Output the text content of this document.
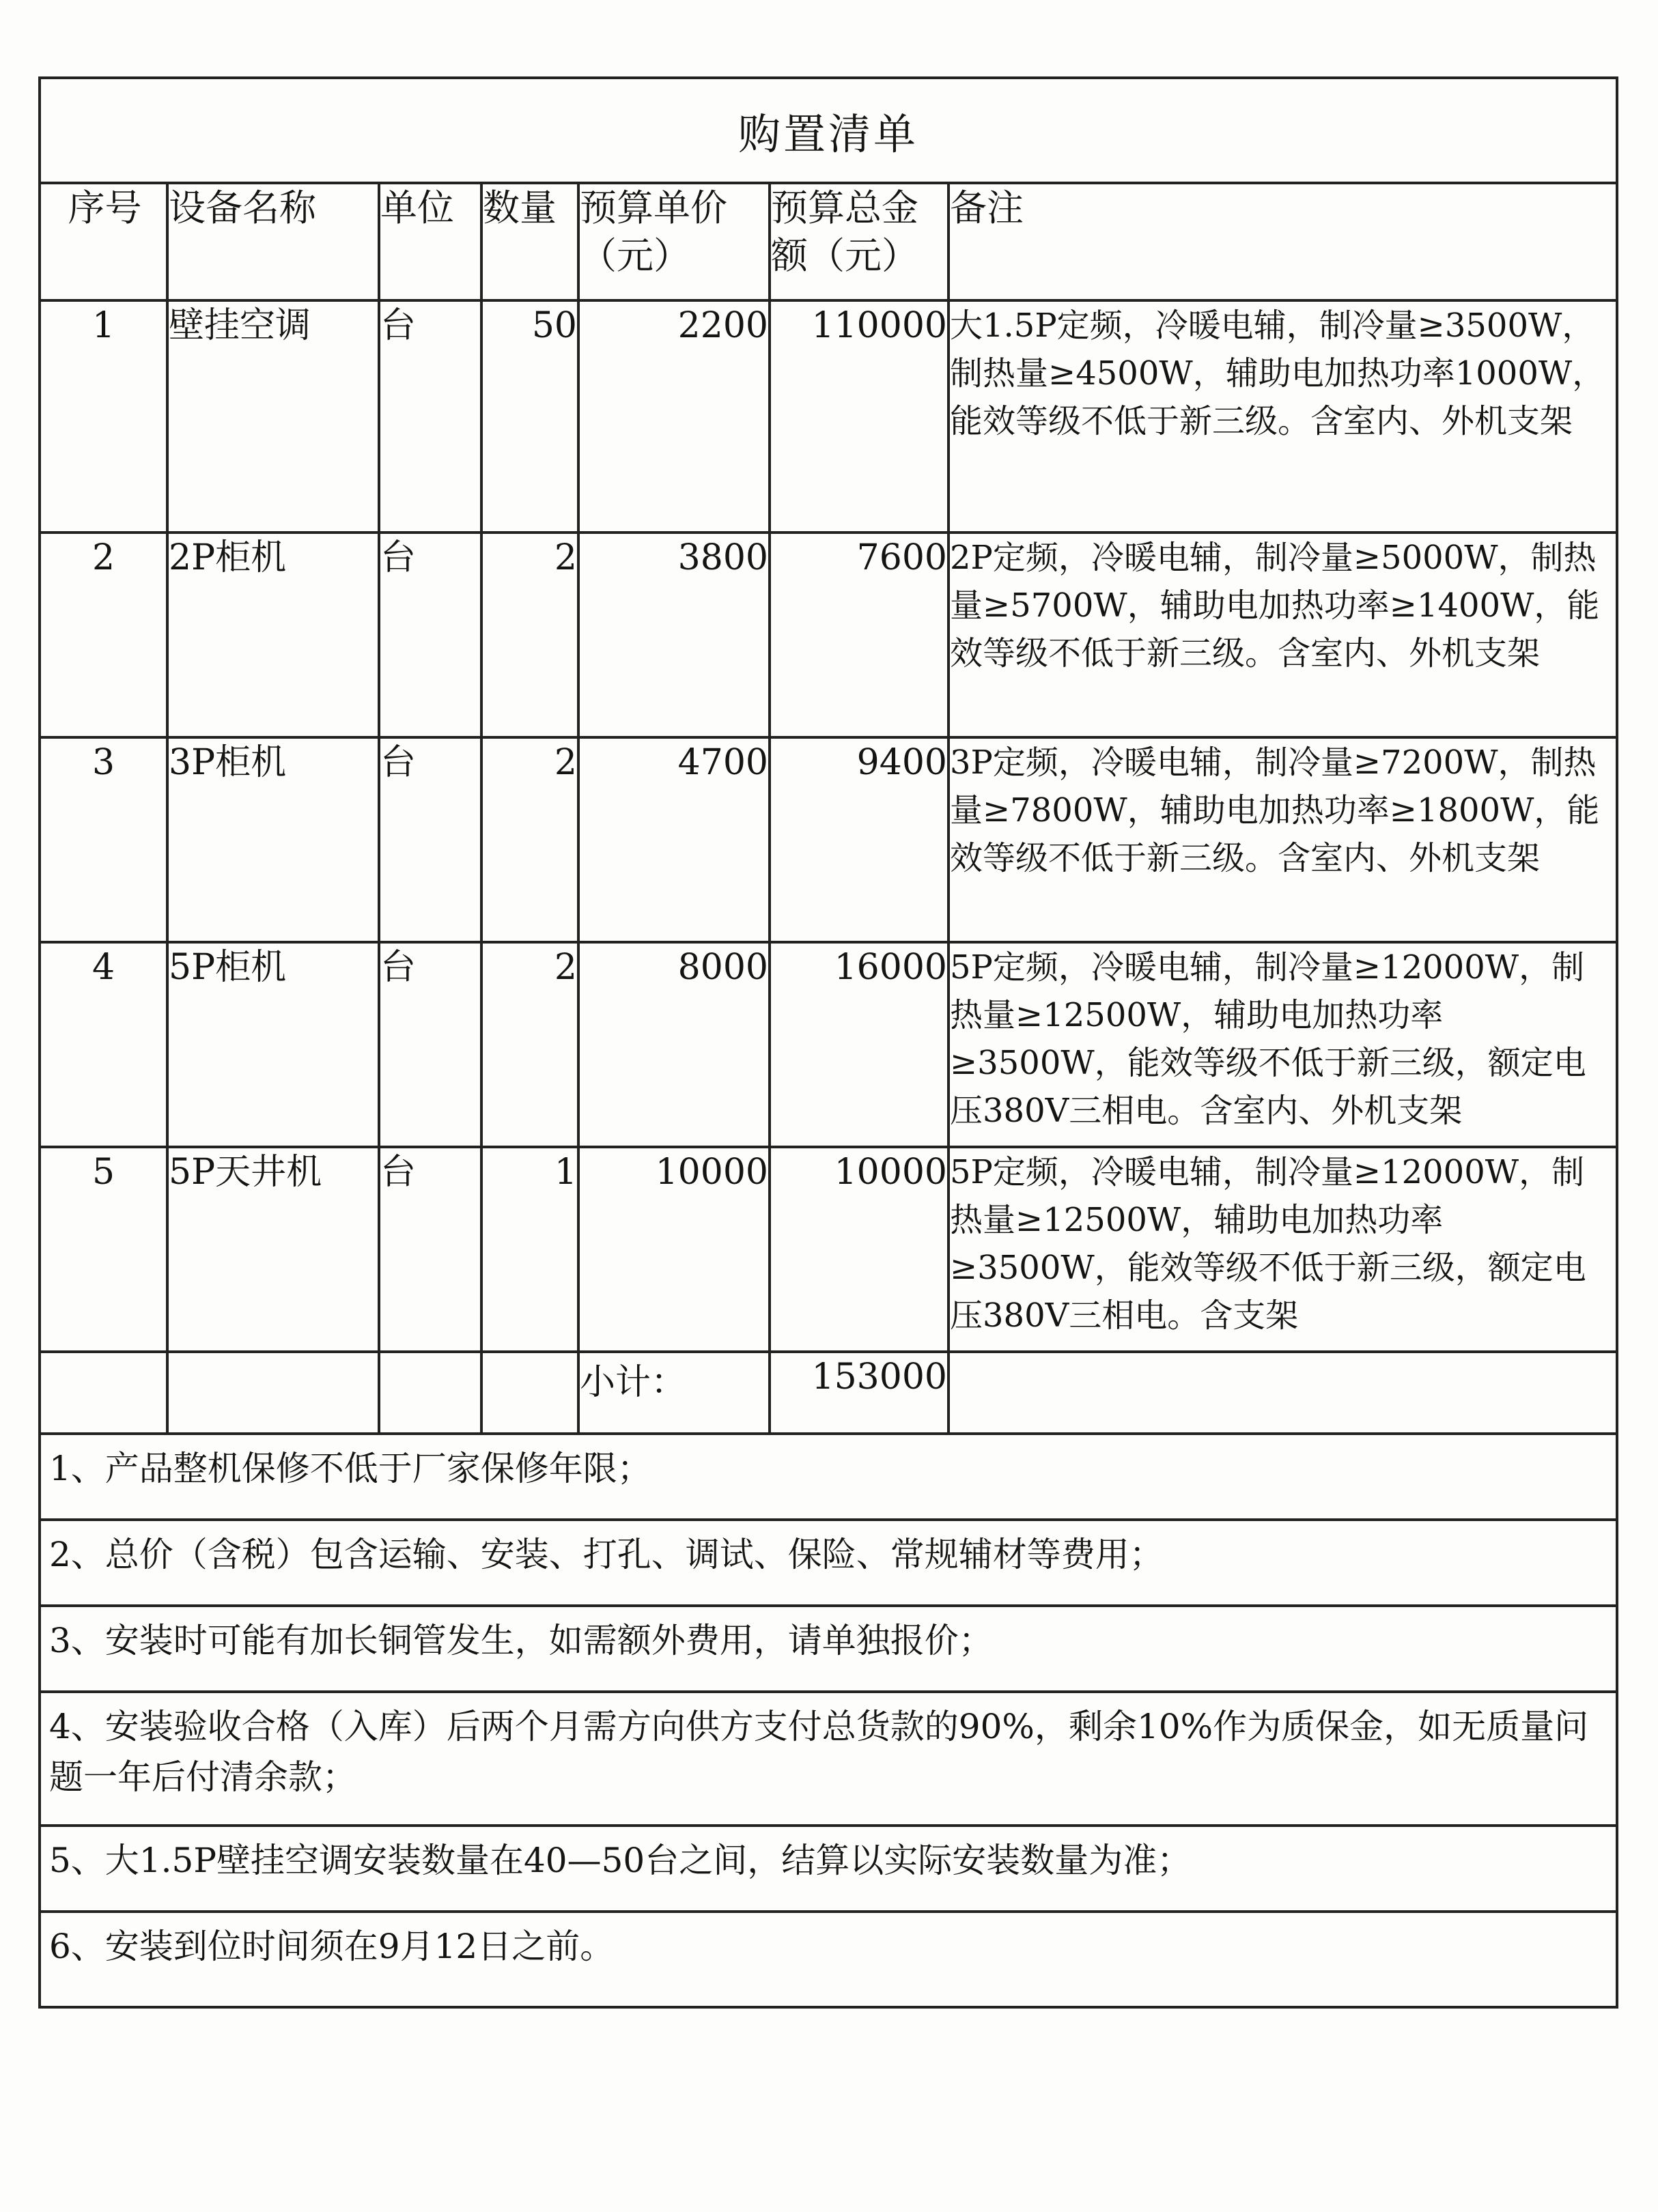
购置清单
序号	设备名称	单位	数量	预算单价（元）	预算总金额（元）	备注
1	壁挂空调	台	50	2200	110000	大1.5P定频，冷暖电辅，制冷量≥3500W，制热量≥4500W，辅助电加热功率1000W，能效等级不低于新三级。含室内、外机支架
2	2P柜机	台	2	3800	7600	2P定频，冷暖电辅，制冷量≥5000W，制热量≥5700W，辅助电加热功率≥1400W，能效等级不低于新三级。含室内、外机支架
3	3P柜机	台	2	4700	9400	3P定频，冷暖电辅，制冷量≥7200W，制热量≥7800W，辅助电加热功率≥1800W，能效等级不低于新三级。含室内、外机支架
4	5P柜机	台	2	8000	16000	5P定频，冷暖电辅，制冷量≥12000W，制热量≥12500W，辅助电加热功率≥3500W，能效等级不低于新三级，额定电压380V三相电。含室内、外机支架
5	5P天井机	台	1	10000	10000	5P定频，冷暖电辅，制冷量≥12000W，制热量≥12500W，辅助电加热功率≥3500W，能效等级不低于新三级，额定电压380V三相电。含支架
				小计：	153000	
1、产品整机保修不低于厂家保修年限；
2、总价（含税）包含运输、安装、打孔、调试、保险、常规辅材等费用；
3、安装时可能有加长铜管发生，如需额外费用，请单独报价；
4、安装验收合格（入库）后两个月需方向供方支付总货款的90%，剩余10%作为质保金，如无质量问题一年后付清余款；
5、大1.5P壁挂空调安装数量在40—50台之间，结算以实际安装数量为准；
6、安装到位时间须在9月12日之前。
